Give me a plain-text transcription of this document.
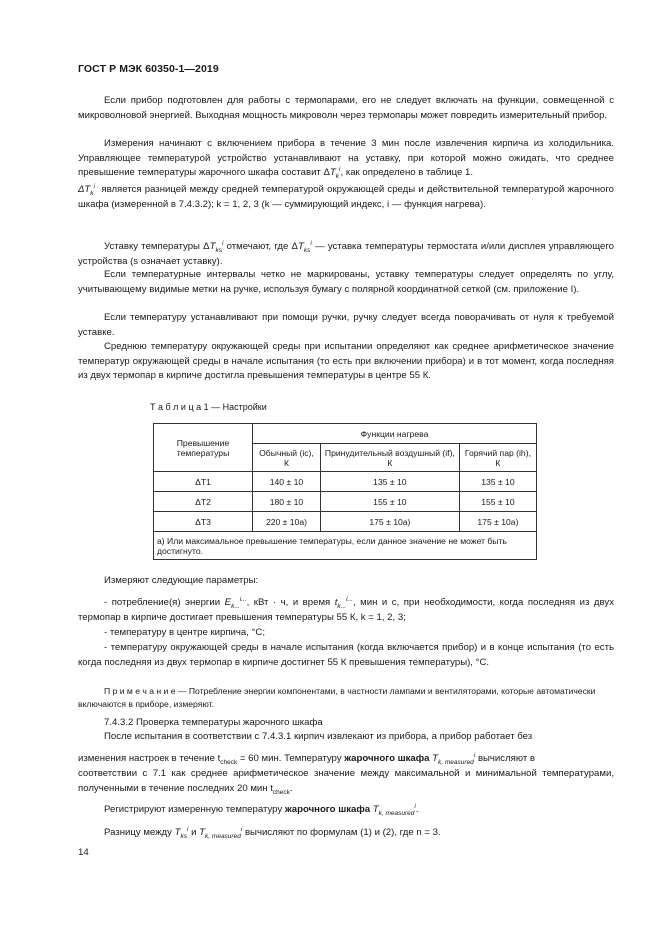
ГОСТ Р МЭК 60350-1—2019
Если прибор подготовлен для работы с термопарами, его не следует включать на функции, совмещенной с микроволновой энергией. Выходная мощность микроволн через термопары может повредить измерительный прибор.
Измерения начинают с включением прибора в течение 3 мин после извлечения кирпича из холодильника. Управляющее температурой устройство устанавливают на уставку, при которой можно ожидать, что среднее превышение температуры жарочного шкафа составит $\Delta T_k^i$, как определено в таблице 1.
$\Delta T_k^i$ является разницей между средней температурой окружающей среды и действительной температурой жарочного шкафа (измеренной в 7.4.3.2); k = 1, 2, 3 (k — суммирующий индекс, i — функция нагрева).
Уставку температуры $\Delta T_{ks}^i$ отмечают, где $\Delta T_{ks}^i$ — уставка температуры термостата и/или дисплея управляющего устройства (s означает уставку).
Если температурные интервалы четко не маркированы, уставку температуры следует определять по углу, учитывающему видимые метки на ручке, используя бумагу с полярной координатной сеткой (см. приложение I).
Если температуру устанавливают при помощи ручки, ручку следует всегда поворачивать от нуля к требуемой уставке.
Среднюю температуру окружающей среды при испытании определяют как среднее арифметическое значение температур окружающей среды в начале испытания (то есть при включении прибора) и в тот момент, когда последняя из двух термопар в кирпиче достигла превышения температуры в центре 55 К.
Т а б л и ц а 1 — Настройки
Превышение температуры	Функции нагрева		
	Обычный (ic), К	Принудительный воздушный (if), К	Горячий пар (ih), К
ΔT1	140 ± 10	135 ± 10	135 ± 10
ΔT2	180 ± 10	155 ± 10	155 ± 10
ΔT3	220 ± 10a)	175 ± 10a)	175 ± 10a)
a) Или максимальное превышение температуры, если данное значение не может быть достигнуто.			
Измеряют следующие параметры:
- потребление(я) энергии $E_{k...}^{i...}$, кВт · ч, и время $t_{k...}^{i...}$, мин и с, при необходимости, когда последняя из двух термопар в кирпиче достигает превышения температуры 55 К, k = 1, 2, 3;
- температуру в центре кирпича, °С;
- температуру окружающей среды в начале испытания (когда включается прибор) и в конце испытания (то есть когда последняя из двух термопар в кирпиче достигнет 55 К превышения температуры), °С.
П р и м е ч а н и е — Потребление энергии компонентами, в частности лампами и вентиляторами, которые автоматически включаются в приборе, измеряют.
7.4.3.2 Проверка температуры жарочного шкафа
После испытания в соответствии с 7.4.3.1 кирпич извлекают из прибора, а прибор работает без
изменения настроек в течение $t_{check} = 60$ мин. Температуру жарочного шкафа $T_{k, measured}^i$ вычисляют в
соответствии с 7.1 как среднее арифметическое значение между максимальной и минимальной температурами, полученными в течение последних 20 мин $t_{check}$.
Регистрируют измеренную температуру жарочного шкафа $T_{k, measured}^i$.
Разницу между $T_{ks}^i$ и $T_{k, measured}^i$ вычисляют по формулам (1) и (2), где n = 3.
14
